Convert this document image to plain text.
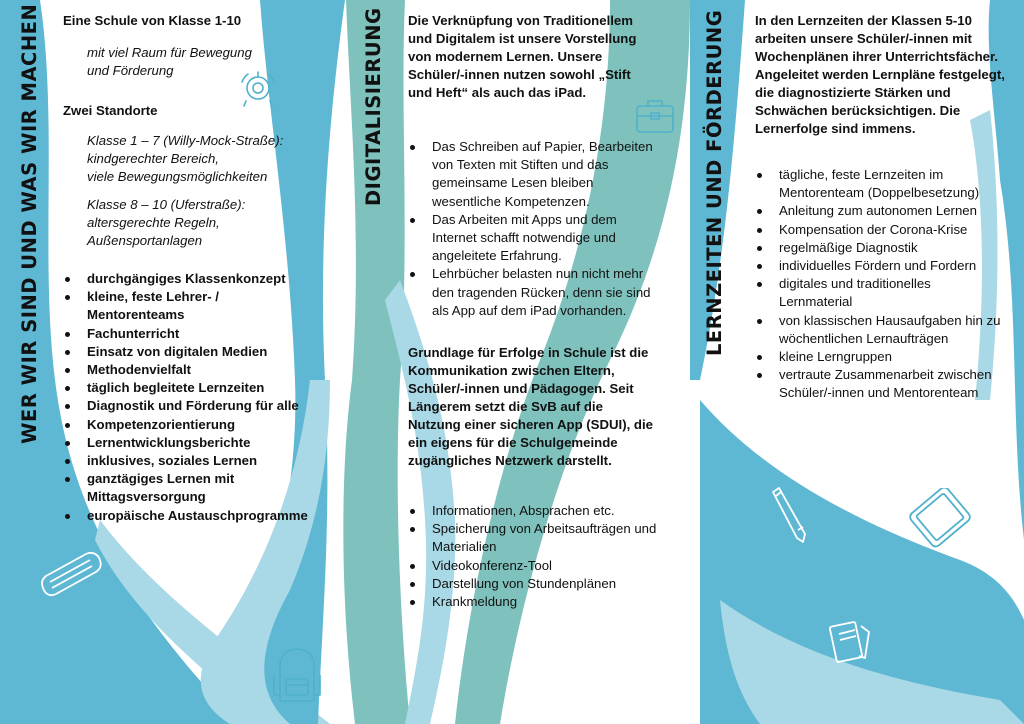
WER WIR SIND UND WAS WIR MACHEN Eine Schule von Klasse 1-10

mit viel Raum für Bewegung

und Förderung

Zwei Standorte

Klasse 1 – 7 (Willy-Mock-Straße):

kindgerechter Bereich,

viele Bewegungsmöglichkeiten

Klasse 8 – 10 (Uferstraße):

altersgerechte Regeln,

Außensportanlagen

durchgängiges Klassenkonzept
kleine, feste Lehrer- / Mentorenteams
Fachunterricht
Einsatz von digitalen Medien
Methodenvielfalt
täglich begleitete Lernzeiten
Diagnostik und Förderung für alle
Kompetenzorientierung
Lernentwicklungsberichte
inklusives, soziales Lernen
ganztägiges Lernen mit Mittagsversorgung
europäische Austauschprogramme
DIGITALISIERUNG Die Verknüpfung von Traditionellem und Digitalem ist unsere Vorstellung von modernem Lernen. Unsere Schüler/-innen nutzen sowohl „Stift und Heft“ als auch das iPad.

Das Schreiben auf Papier, Bearbeiten von Texten mit Stiften und das gemeinsame Lesen bleiben wesentliche Kompetenzen.
Das Arbeiten mit Apps und dem Internet schafft notwendige und angeleitete Erfahrung.
Lehrbücher belasten nun nicht mehr den tragenden Rücken, denn sie sind als App auf dem iPad vorhanden.

Grundlage für Erfolge in Schule ist die Kommunikation zwischen Eltern, Schüler/-innen und Pädagogen. Seit Längerem setzt die SvB auf die Nutzung einer sicheren App (SDUI), die ein eigens für die Schulgemeinde zugängliches Netzwerk darstellt.

Informationen, Absprachen etc.
Speicherung von Arbeitsaufträgen und Materialien
Videokonferenz-Tool
Darstellung von Stundenplänen
Krankmeldung
LERNZEITEN UND FÖRDERUNG In den Lernzeiten der Klassen 5-10 arbeiten unsere Schüler/-innen mit Wochenplänen ihrer Unterrichtsfächer. Angeleitet werden Lernpläne festgelegt, die diagnostizierte Stärken und Schwächen berücksichtigen. Die Lernerfolge sind immens.

tägliche, feste Lernzeiten im Mentorenteam (Doppelbesetzung)
Anleitung zum autonomen Lernen
Kompensation der Corona-Krise
regelmäßige Diagnostik
individuelles Fördern und Fordern
digitales und traditionelles Lernmaterial
von klassischen Hausaufgaben hin zu wöchentlichen Lernaufträgen
kleine Lerngruppen
vertraute Zusammenarbeit zwischen Schüler/-innen und Mentorenteam
